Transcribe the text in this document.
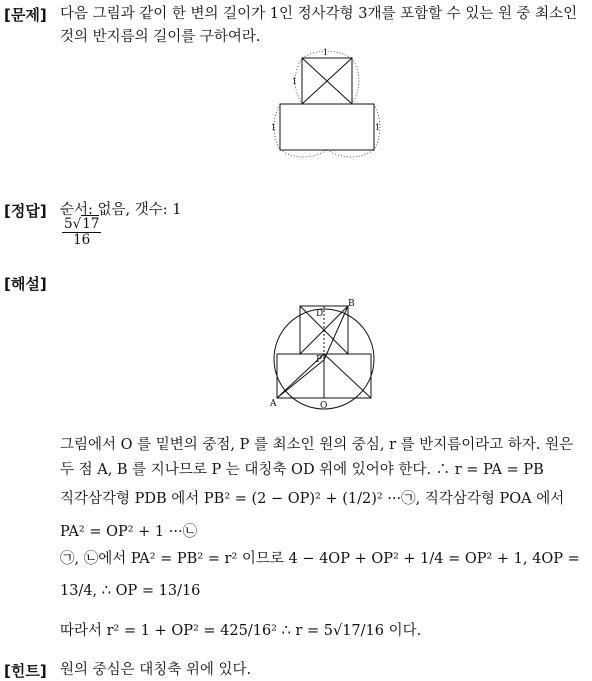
[문제] 다음 그림과 같이 한 변의 길이가 1인 정사각형 3개를 포함할 수 있는 원 중 최소인
것의 반지름의 길이를 구하여라.
1
1
1	1
[정답] 순서: 없음, 갯수: 1
$\frac{5√17}{16}$
[해설]
B
D
P
A	O
그림에서 O 를 밑변의 중점, P 를 최소인 원의 중심, r 를 반지름이라고 하자. 원은
두 점 A, B 를 지나므로 P 는 대칭축 OD 위에 있어야 한다. ∴ r = PA = PB
직각삼각형 PDB 에서 PB² = (2 − OP)² + (1/2)² ···㉠, 직각삼각형 POA 에서
PA² = OP² + 1 ···㉡
㉠, ㉡에서 PA² = PB² = r² 이므로 4 − 4OP + OP² + 1/4 = OP² + 1, 4OP =
13/4, ∴ OP = 13/16
따라서 r² = 1 + OP² = 425/16² ∴ r = 5√17/16 이다.
[힌트] 원의 중심은 대칭축 위에 있다.
